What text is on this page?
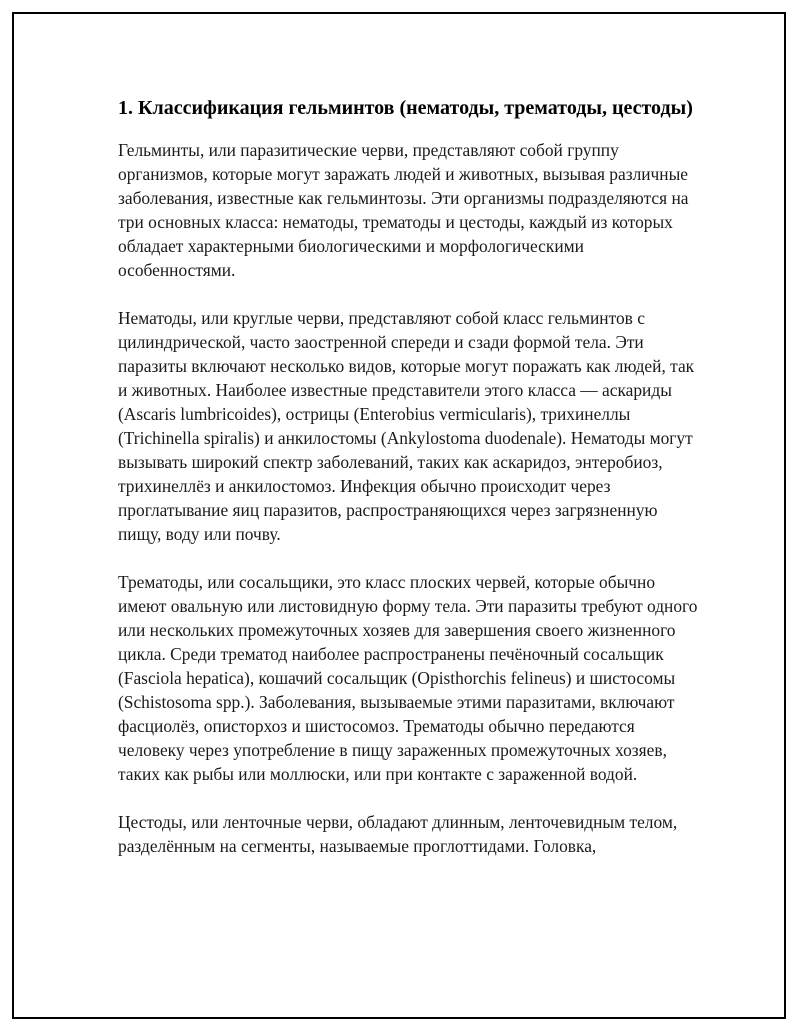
1. Классификация гельминтов (нематоды, трематоды, цестоды)

Гельминты, или паразитические черви, представляют собой группу организмов, которые могут заражать людей и животных, вызывая различные заболевания, известные как гельминтозы. Эти организмы подразделяются на три основных класса: нематоды, трематоды и цестоды, каждый из которых обладает характерными биологическими и морфологическими особенностями.

Нематоды, или круглые черви, представляют собой класс гельминтов с цилиндрической, часто заостренной спереди и сзади формой тела. Эти паразиты включают несколько видов, которые могут поражать как людей, так и животных. Наиболее известные представители этого класса — аскариды (Ascaris lumbricoides), острицы (Enterobius vermicularis), трихинеллы (Trichinella spiralis) и анкилостомы (Ankylostoma duodenale). Нематоды могут вызывать широкий спектр заболеваний, таких как аскаридоз, энтеробиоз, трихинеллёз и анкилостомоз. Инфекция обычно происходит через проглатывание яиц паразитов, распространяющихся через загрязненную пищу, воду или почву.

Трематоды, или сосальщики, это класс плоских червей, которые обычно имеют овальную или листовидную форму тела. Эти паразиты требуют одного или нескольких промежуточных хозяев для завершения своего жизненного цикла. Среди трематод наиболее распространены печёночный сосальщик (Fasciola hepatica), кошачий сосальщик (Opisthorchis felineus) и шистосомы (Schistosoma spp.). Заболевания, вызываемые этими паразитами, включают фасциолёз, описторхоз и шистосомоз. Трематоды обычно передаются человеку через употребление в пищу зараженных промежуточных хозяев, таких как рыбы или моллюски, или при контакте с зараженной водой.

Цестоды, или ленточные черви, обладают длинным, ленточевидным телом, разделённым на сегменты, называемые проглоттидами. Головка,
